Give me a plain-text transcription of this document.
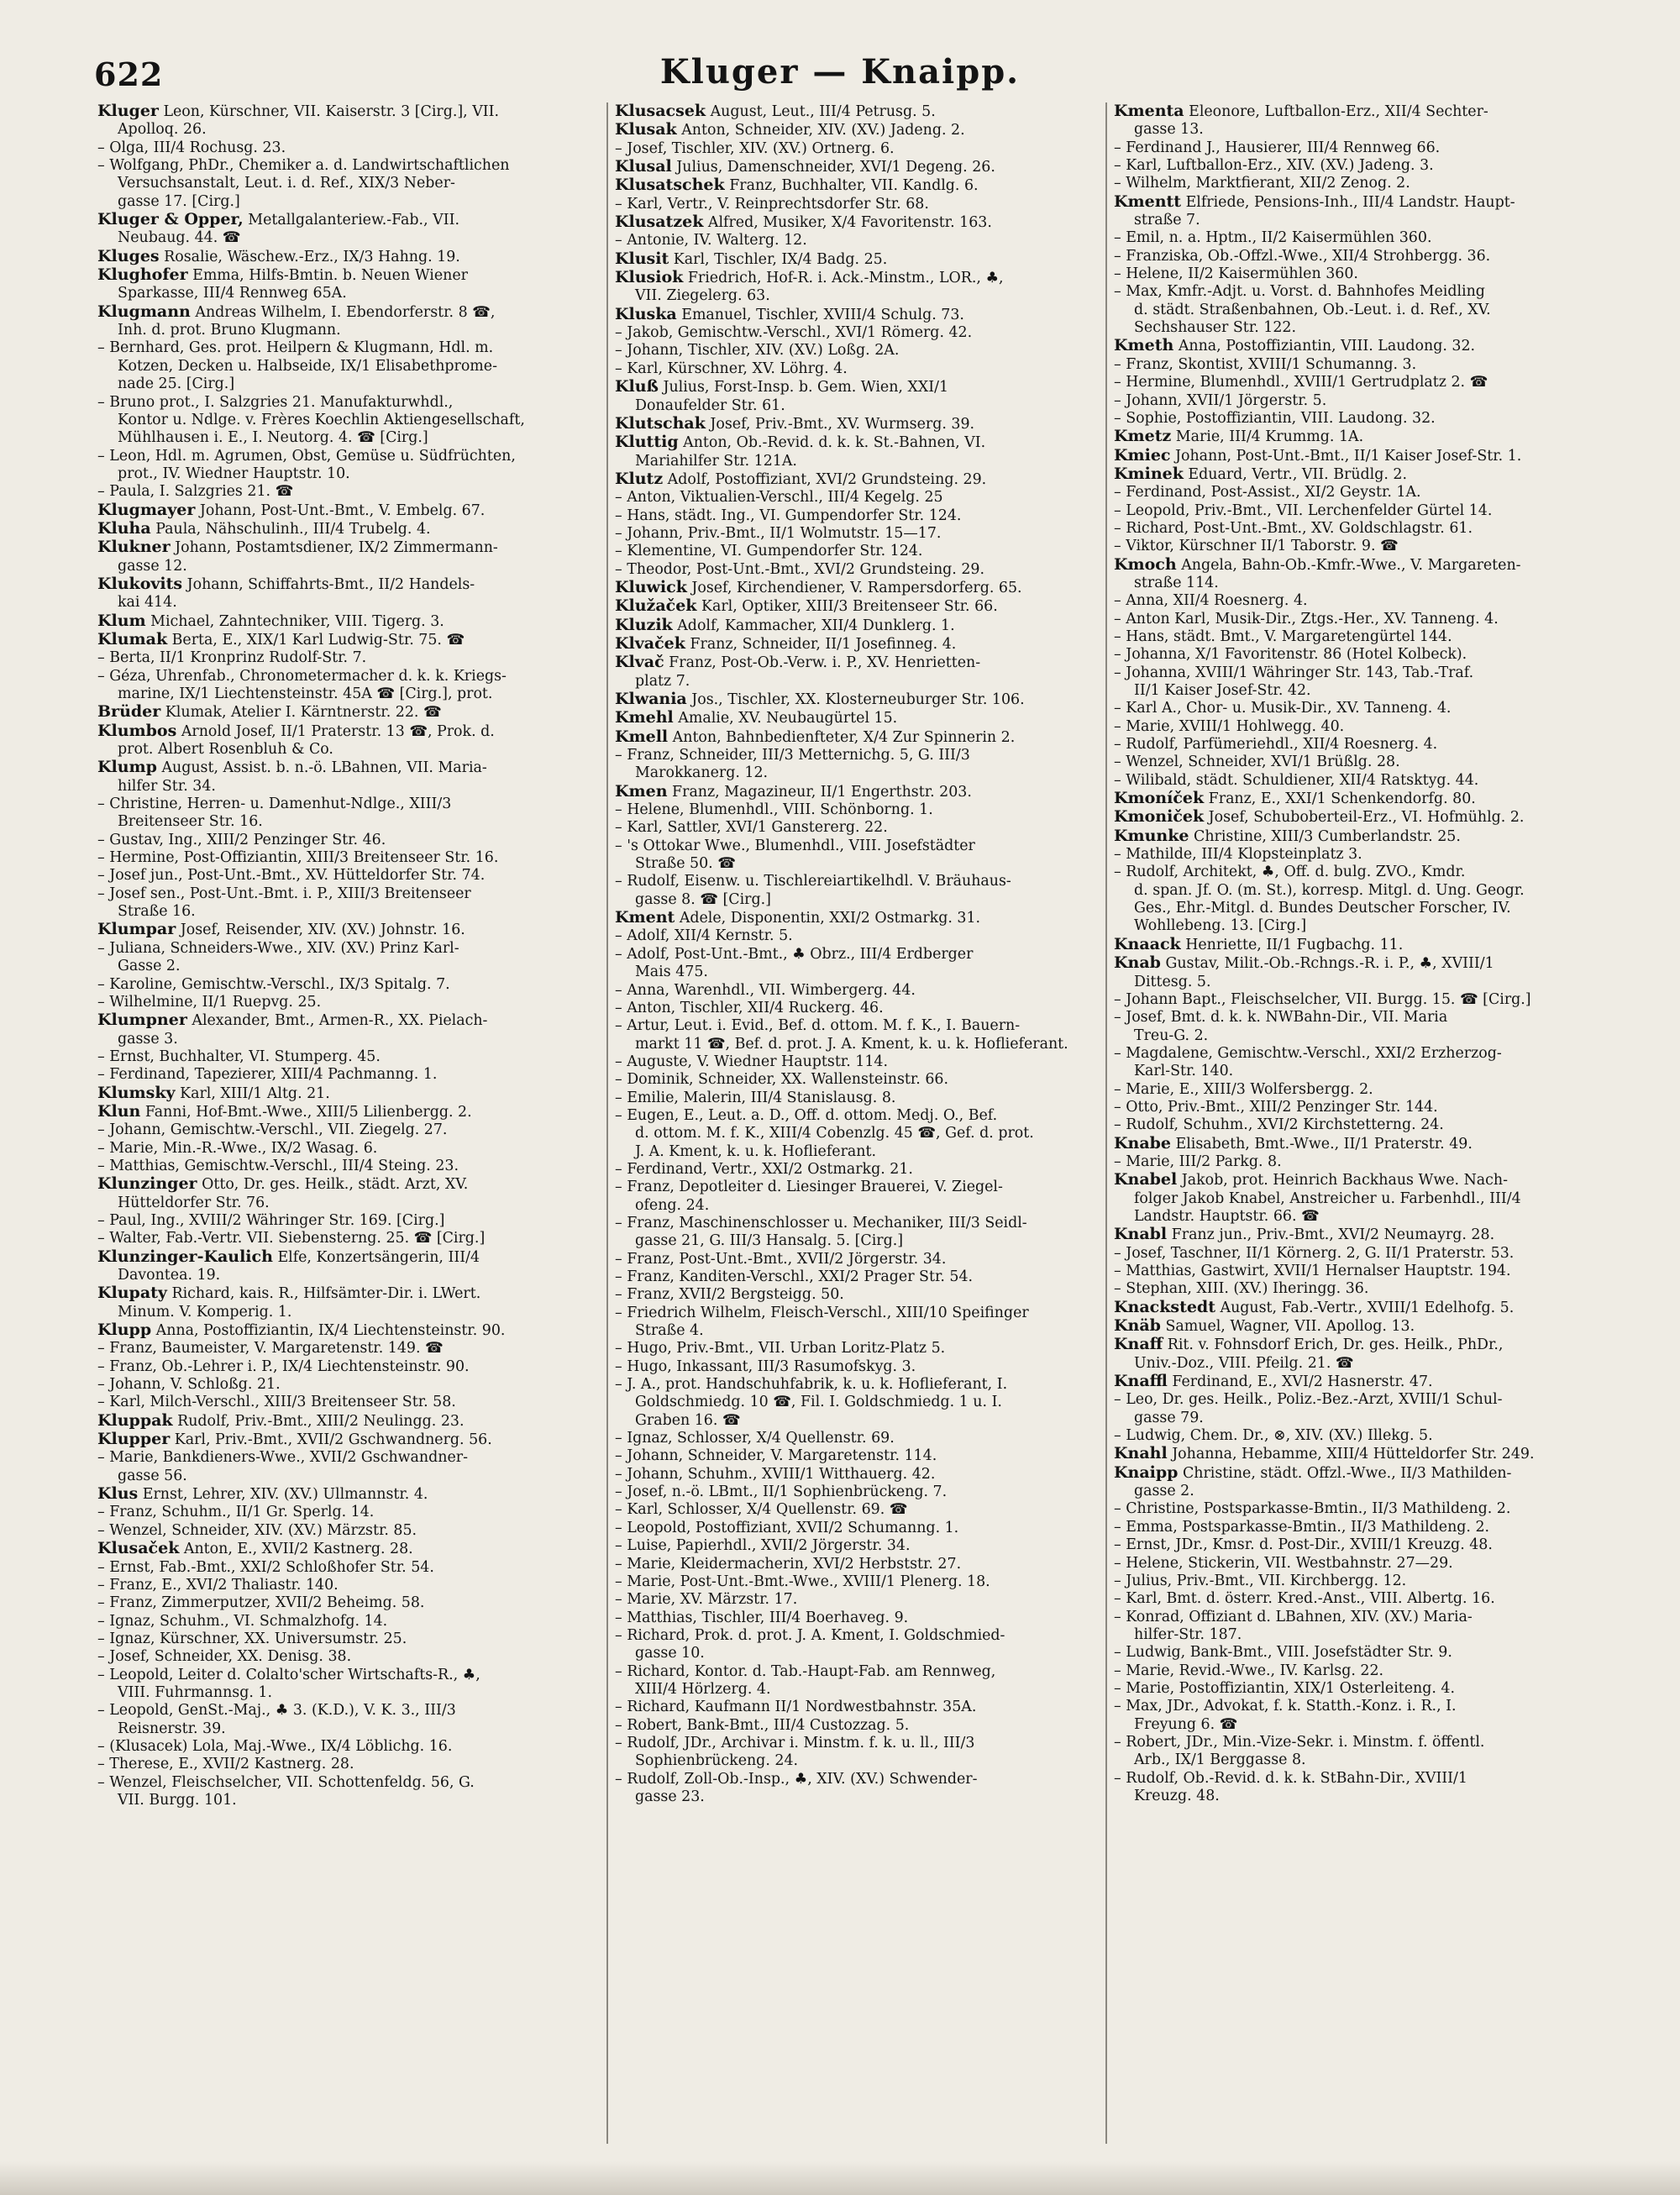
622	Kluger — Knaipp.
Kluger Leon, Kürschner, VII. Kaiserstr. 3 [Cirg.], VII.
Apolloq. 26.
– Olga, III/4 Rochusg. 23.
– Wolfgang, PhDr., Chemiker a. d. Landwirtschaftlichen
Versuchsanstalt, Leut. i. d. Ref., XIX/3 Neber-
gasse 17. [Cirg.]
Kluger & Opper, Metallgalanteriew.-Fab., VII.
Neubaug. 44. ☎
Kluges Rosalie, Wäschew.-Erz., IX/3 Hahng. 19.
Klughofer Emma, Hilfs-Bmtin. b. Neuen Wiener
Sparkasse, III/4 Rennweg 65A.
Klugmann Andreas Wilhelm, I. Ebendorferstr. 8 ☎,
Inh. d. prot. Bruno Klugmann.
– Bernhard, Ges. prot. Heilpern & Klugmann, Hdl. m.
Kotzen, Decken u. Halbseide, IX/1 Elisabethprome-
nade 25. [Cirg.]
– Bruno prot., I. Salzgries 21. Manufakturwhdl.,
Kontor u. Ndlge. v. Frères Koechlin Aktiengesellschaft,
Mühlhausen i. E., I. Neutorg. 4. ☎ [Cirg.]
– Leon, Hdl. m. Agrumen, Obst, Gemüse u. Südfrüchten,
prot., IV. Wiedner Hauptstr. 10.
– Paula, I. Salzgries 21. ☎
Klugmayer Johann, Post-Unt.-Bmt., V. Embelg. 67.
Kluha Paula, Nähschulinh., III/4 Trubelg. 4.
Klukner Johann, Postamtsdiener, IX/2 Zimmermann-
gasse 12.
Klukovits Johann, Schiffahrts-Bmt., II/2 Handels-
kai 414.
Klum Michael, Zahntechniker, VIII. Tigerg. 3.
Klumak Berta, E., XIX/1 Karl Ludwig-Str. 75. ☎
– Berta, II/1 Kronprinz Rudolf-Str. 7.
– Géza, Uhrenfab., Chronometermacher d. k. k. Kriegs-
marine, IX/1 Liechtensteinstr. 45A ☎ [Cirg.], prot.
Brüder Klumak, Atelier I. Kärntnerstr. 22. ☎
Klumbos Arnold Josef, II/1 Praterstr. 13 ☎, Prok. d.
prot. Albert Rosenbluh & Co.
Klump August, Assist. b. n.-ö. LBahnen, VII. Maria-
hilfer Str. 34.
– Christine, Herren- u. Damenhut-Ndlge., XIII/3
Breitenseer Str. 16.
– Gustav, Ing., XIII/2 Penzinger Str. 46.
– Hermine, Post-Offiziantin, XIII/3 Breitenseer Str. 16.
– Josef jun., Post-Unt.-Bmt., XV. Hütteldorfer Str. 74.
– Josef sen., Post-Unt.-Bmt. i. P., XIII/3 Breitenseer
Straße 16.
Klumpar Josef, Reisender, XIV. (XV.) Johnstr. 16.
– Juliana, Schneiders-Wwe., XIV. (XV.) Prinz Karl-
Gasse 2.
– Karoline, Gemischtw.-Verschl., IX/3 Spitalg. 7.
– Wilhelmine, II/1 Ruepvg. 25.
Klumpner Alexander, Bmt., Armen-R., XX. Pielach-
gasse 3.
– Ernst, Buchhalter, VI. Stumperg. 45.
– Ferdinand, Tapezierer, XIII/4 Pachmanng. 1.
Klumsky Karl, XIII/1 Altg. 21.
Klun Fanni, Hof-Bmt.-Wwe., XIII/5 Lilienbergg. 2.
– Johann, Gemischtw.-Verschl., VII. Ziegelg. 27.
– Marie, Min.-R.-Wwe., IX/2 Wasag. 6.
– Matthias, Gemischtw.-Verschl., III/4 Steing. 23.
Klunzinger Otto, Dr. ges. Heilk., städt. Arzt, XV.
Hütteldorfer Str. 76.
– Paul, Ing., XVIII/2 Währinger Str. 169. [Cirg.]
– Walter, Fab.-Vertr. VII. Siebensterng. 25. ☎ [Cirg.]
Klunzinger-Kaulich Elfe, Konzertsängerin, III/4
Davontea. 19.
Klupaty Richard, kais. R., Hilfsämter-Dir. i. LWert.
Minum. V. Komperig. 1.
Klupp Anna, Postoffiziantin, IX/4 Liechtensteinstr. 90.
– Franz, Baumeister, V. Margaretenstr. 149. ☎
– Franz, Ob.-Lehrer i. P., IX/4 Liechtensteinstr. 90.
– Johann, V. Schloßg. 21.
– Karl, Milch-Verschl., XIII/3 Breitenseer Str. 58.
Kluppak Rudolf, Priv.-Bmt., XIII/2 Neulingg. 23.
Klupper Karl, Priv.-Bmt., XVII/2 Gschwandnerg. 56.
– Marie, Bankdieners-Wwe., XVII/2 Gschwandner-
gasse 56.
Klus Ernst, Lehrer, XIV. (XV.) Ullmannstr. 4.
– Franz, Schuhm., II/1 Gr. Sperlg. 14.
– Wenzel, Schneider, XIV. (XV.) Märzstr. 85.
Klusaček Anton, E., XVII/2 Kastnerg. 28.
– Ernst, Fab.-Bmt., XXI/2 Schloßhofer Str. 54.
– Franz, E., XVI/2 Thaliastr. 140.
– Franz, Zimmerputzer, XVII/2 Beheimg. 58.
– Ignaz, Schuhm., VI. Schmalzhofg. 14.
– Ignaz, Kürschner, XX. Universumstr. 25.
– Josef, Schneider, XX. Denisg. 38.
– Leopold, Leiter d. Colalto'scher Wirtschafts-R., ♣,
VIII. Fuhrmannsg. 1.
– Leopold, GenSt.-Maj., ♣ 3. (K.D.), V. K. 3., III/3
Reisnerstr. 39.
– (Klusacek) Lola, Maj.-Wwe., IX/4 Löblichg. 16.
– Therese, E., XVII/2 Kastnerg. 28.
– Wenzel, Fleischselcher, VII. Schottenfeldg. 56, G.
VII. Burgg. 101.
Klusacsek August, Leut., III/4 Petrusg. 5.
Klusak Anton, Schneider, XIV. (XV.) Jadeng. 2.
– Josef, Tischler, XIV. (XV.) Ortnerg. 6.
Klusal Julius, Damenschneider, XVI/1 Degeng. 26.
Klusatschek Franz, Buchhalter, VII. Kandlg. 6.
– Karl, Vertr., V. Reinprechtsdorfer Str. 68.
Klusatzek Alfred, Musiker, X/4 Favoritenstr. 163.
– Antonie, IV. Walterg. 12.
Klusit Karl, Tischler, IX/4 Badg. 25.
Klusiok Friedrich, Hof-R. i. Ack.-Minstm., LOR., ♣,
VII. Ziegelerg. 63.
Kluska Emanuel, Tischler, XVIII/4 Schulg. 73.
– Jakob, Gemischtw.-Verschl., XVI/1 Römerg. 42.
– Johann, Tischler, XIV. (XV.) Loßg. 2A.
– Karl, Kürschner, XV. Löhrg. 4.
Kluß Julius, Forst-Insp. b. Gem. Wien, XXI/1
Donaufelder Str. 61.
Klutschak Josef, Priv.-Bmt., XV. Wurmserg. 39.
Kluttig Anton, Ob.-Revid. d. k. k. St.-Bahnen, VI.
Mariahilfer Str. 121A.
Klutz Adolf, Postoffiziant, XVI/2 Grundsteing. 29.
– Anton, Viktualien-Verschl., III/4 Kegelg. 25
– Hans, städt. Ing., VI. Gumpendorfer Str. 124.
– Johann, Priv.-Bmt., II/1 Wolmutstr. 15—17.
– Klementine, VI. Gumpendorfer Str. 124.
– Theodor, Post-Unt.-Bmt., XVI/2 Grundsteing. 29.
Kluwick Josef, Kirchendiener, V. Rampersdorferg. 65.
Klužaček Karl, Optiker, XIII/3 Breitenseer Str. 66.
Kluzik Adolf, Kammacher, XII/4 Dunklerg. 1.
Klvaček Franz, Schneider, II/1 Josefinneg. 4.
Klvač Franz, Post-Ob.-Verw. i. P., XV. Henrietten-
platz 7.
Klwania Jos., Tischler, XX. Klosterneuburger Str. 106.
Kmehl Amalie, XV. Neubaugürtel 15.
Kmell Anton, Bahnbedienfteter, X/4 Zur Spinnerin 2.
– Franz, Schneider, III/3 Metternichg. 5, G. III/3
Marokkanerg. 12.
Kmen Franz, Magazineur, II/1 Engerthstr. 203.
– Helene, Blumenhdl., VIII. Schönborng. 1.
– Karl, Sattler, XVI/1 Ganstererg. 22.
– 's Ottokar Wwe., Blumenhdl., VIII. Josefstädter
Straße 50. ☎
– Rudolf, Eisenw. u. Tischlereiartikelhdl. V. Bräuhaus-
gasse 8. ☎ [Cirg.]
Kment Adele, Disponentin, XXI/2 Ostmarkg. 31.
– Adolf, XII/4 Kernstr. 5.
– Adolf, Post-Unt.-Bmt., ♣ Obrz., III/4 Erdberger
Mais 475.
– Anna, Warenhdl., VII. Wimbergerg. 44.
– Anton, Tischler, XII/4 Ruckerg. 46.
– Artur, Leut. i. Evid., Bef. d. ottom. M. f. K., I. Bauern-
markt 11 ☎, Bef. d. prot. J. A. Kment, k. u. k. Hoflieferant.
– Auguste, V. Wiedner Hauptstr. 114.
– Dominik, Schneider, XX. Wallensteinstr. 66.
– Emilie, Malerin, III/4 Stanislausg. 8.
– Eugen, E., Leut. a. D., Off. d. ottom. Medj. O., Bef.
d. ottom. M. f. K., XIII/4 Cobenzlg. 45 ☎, Gef. d. prot.
J. A. Kment, k. u. k. Hoflieferant.
– Ferdinand, Vertr., XXI/2 Ostmarkg. 21.
– Franz, Depotleiter d. Liesinger Brauerei, V. Ziegel-
ofeng. 24.
– Franz, Maschinenschlosser u. Mechaniker, III/3 Seidl-
gasse 21, G. III/3 Hansalg. 5. [Cirg.]
– Franz, Post-Unt.-Bmt., XVII/2 Jörgerstr. 34.
– Franz, Kanditen-Verschl., XXI/2 Prager Str. 54.
– Franz, XVII/2 Bergsteigg. 50.
– Friedrich Wilhelm, Fleisch-Verschl., XIII/10 Speifinger
Straße 4.
– Hugo, Priv.-Bmt., VII. Urban Loritz-Platz 5.
– Hugo, Inkassant, III/3 Rasumofskyg. 3.
– J. A., prot. Handschuhfabrik, k. u. k. Hoflieferant, I.
Goldschmiedg. 10 ☎, Fil. I. Goldschmiedg. 1 u. I.
Graben 16. ☎
– Ignaz, Schlosser, X/4 Quellenstr. 69.
– Johann, Schneider, V. Margaretenstr. 114.
– Johann, Schuhm., XVIII/1 Witthauerg. 42.
– Josef, n.-ö. LBmt., II/1 Sophienbrückeng. 7.
– Karl, Schlosser, X/4 Quellenstr. 69. ☎
– Leopold, Postoffiziant, XVII/2 Schumanng. 1.
– Luise, Papierhdl., XVII/2 Jörgerstr. 34.
– Marie, Kleidermacherin, XVI/2 Herbststr. 27.
– Marie, Post-Unt.-Bmt.-Wwe., XVIII/1 Plenerg. 18.
– Marie, XV. Märzstr. 17.
– Matthias, Tischler, III/4 Boerhaveg. 9.
– Richard, Prok. d. prot. J. A. Kment, I. Goldschmied-
gasse 10.
– Richard, Kontor. d. Tab.-Haupt-Fab. am Rennweg,
XIII/4 Hörlzerg. 4.
– Richard, Kaufmann II/1 Nordwestbahnstr. 35A.
– Robert, Bank-Bmt., III/4 Custozzag. 5.
– Rudolf, JDr., Archivar i. Minstm. f. k. u. ll., III/3
Sophienbrückeng. 24.
– Rudolf, Zoll-Ob.-Insp., ♣, XIV. (XV.) Schwender-
gasse 23.
Kmenta Eleonore, Luftballon-Erz., XII/4 Sechter-
gasse 13.
– Ferdinand J., Hausierer, III/4 Rennweg 66.
– Karl, Luftballon-Erz., XIV. (XV.) Jadeng. 3.
– Wilhelm, Marktfierant, XII/2 Zenog. 2.
Kmentt Elfriede, Pensions-Inh., III/4 Landstr. Haupt-
straße 7.
– Emil, n. a. Hptm., II/2 Kaisermühlen 360.
– Franziska, Ob.-Offzl.-Wwe., XII/4 Strohbergg. 36.
– Helene, II/2 Kaisermühlen 360.
– Max, Kmfr.-Adjt. u. Vorst. d. Bahnhofes Meidling
d. städt. Straßenbahnen, Ob.-Leut. i. d. Ref., XV.
Sechshauser Str. 122.
Kmeth Anna, Postoffiziantin, VIII. Laudong. 32.
– Franz, Skontist, XVIII/1 Schumanng. 3.
– Hermine, Blumenhdl., XVIII/1 Gertrudplatz 2. ☎
– Johann, XVII/1 Jörgerstr. 5.
– Sophie, Postoffiziantin, VIII. Laudong. 32.
Kmetz Marie, III/4 Krummg. 1A.
Kmiec Johann, Post-Unt.-Bmt., II/1 Kaiser Josef-Str. 1.
Kminek Eduard, Vertr., VII. Brüdlg. 2.
– Ferdinand, Post-Assist., XI/2 Geystr. 1A.
– Leopold, Priv.-Bmt., VII. Lerchenfelder Gürtel 14.
– Richard, Post-Unt.-Bmt., XV. Goldschlagstr. 61.
– Viktor, Kürschner II/1 Taborstr. 9. ☎
Kmoch Angela, Bahn-Ob.-Kmfr.-Wwe., V. Margareten-
straße 114.
– Anna, XII/4 Roesnerg. 4.
– Anton Karl, Musik-Dir., Ztgs.-Her., XV. Tanneng. 4.
– Hans, städt. Bmt., V. Margaretengürtel 144.
– Johanna, X/1 Favoritenstr. 86 (Hotel Kolbeck).
– Johanna, XVIII/1 Währinger Str. 143, Tab.-Traf.
II/1 Kaiser Josef-Str. 42.
– Karl A., Chor- u. Musik-Dir., XV. Tanneng. 4.
– Marie, XVIII/1 Hohlwegg. 40.
– Rudolf, Parfümeriehdl., XII/4 Roesnerg. 4.
– Wenzel, Schneider, XVI/1 Brüßlg. 28.
– Wilibald, städt. Schuldiener, XII/4 Ratsktyg. 44.
Kmoníček Franz, E., XXI/1 Schenkendorfg. 80.
Kmoniček Josef, Schuboberteil-Erz., VI. Hofmühlg. 2.
Kmunke Christine, XIII/3 Cumberlandstr. 25.
– Mathilde, III/4 Klopsteinplatz 3.
– Rudolf, Architekt, ♣, Off. d. bulg. ZVO., Kmdr.
d. span. Jf. O. (m. St.), korresp. Mitgl. d. Ung. Geogr.
Ges., Ehr.-Mitgl. d. Bundes Deutscher Forscher, IV.
Wohllebeng. 13. [Cirg.]
Knaack Henriette, II/1 Fugbachg. 11.
Knab Gustav, Milit.-Ob.-Rchngs.-R. i. P., ♣, XVIII/1
Dittesg. 5.
– Johann Bapt., Fleischselcher, VII. Burgg. 15. ☎ [Cirg.]
– Josef, Bmt. d. k. k. NWBahn-Dir., VII. Maria
Treu-G. 2.
– Magdalene, Gemischtw.-Verschl., XXI/2 Erzherzog-
Karl-Str. 140.
– Marie, E., XIII/3 Wolfersbergg. 2.
– Otto, Priv.-Bmt., XIII/2 Penzinger Str. 144.
– Rudolf, Schuhm., XVI/2 Kirchstetterng. 24.
Knabe Elisabeth, Bmt.-Wwe., II/1 Praterstr. 49.
– Marie, III/2 Parkg. 8.
Knabel Jakob, prot. Heinrich Backhaus Wwe. Nach-
folger Jakob Knabel, Anstreicher u. Farbenhdl., III/4
Landstr. Hauptstr. 66. ☎
Knabl Franz jun., Priv.-Bmt., XVI/2 Neumayrg. 28.
– Josef, Taschner, II/1 Körnerg. 2, G. II/1 Praterstr. 53.
– Matthias, Gastwirt, XVII/1 Hernalser Hauptstr. 194.
– Stephan, XIII. (XV.) Iheringg. 36.
Knackstedt August, Fab.-Vertr., XVIII/1 Edelhofg. 5.
Knäb Samuel, Wagner, VII. Apollog. 13.
Knaff Rit. v. Fohnsdorf Erich, Dr. ges. Heilk., PhDr.,
Univ.-Doz., VIII. Pfeilg. 21. ☎
Knaffl Ferdinand, E., XVI/2 Hasnerstr. 47.
– Leo, Dr. ges. Heilk., Poliz.-Bez.-Arzt, XVIII/1 Schul-
gasse 79.
– Ludwig, Chem. Dr., ⊗, XIV. (XV.) Illekg. 5.
Knahl Johanna, Hebamme, XIII/4 Hütteldorfer Str. 249.
Knaipp Christine, städt. Offzl.-Wwe., II/3 Mathilden-
gasse 2.
– Christine, Postsparkasse-Bmtin., II/3 Mathildeng. 2.
– Emma, Postsparkasse-Bmtin., II/3 Mathildeng. 2.
– Ernst, JDr., Kmsr. d. Post-Dir., XVIII/1 Kreuzg. 48.
– Helene, Stickerin, VII. Westbahnstr. 27—29.
– Julius, Priv.-Bmt., VII. Kirchbergg. 12.
– Karl, Bmt. d. österr. Kred.-Anst., VIII. Albertg. 16.
– Konrad, Offiziant d. LBahnen, XIV. (XV.) Maria-
hilfer-Str. 187.
– Ludwig, Bank-Bmt., VIII. Josefstädter Str. 9.
– Marie, Revid.-Wwe., IV. Karlsg. 22.
– Marie, Postoffiziantin, XIX/1 Osterleiteng. 4.
– Max, JDr., Advokat, f. k. Statth.-Konz. i. R., I.
Freyung 6. ☎
– Robert, JDr., Min.-Vize-Sekr. i. Minstm. f. öffentl.
Arb., IX/1 Berggasse 8.
– Rudolf, Ob.-Revid. d. k. k. StBahn-Dir., XVIII/1
Kreuzg. 48.
